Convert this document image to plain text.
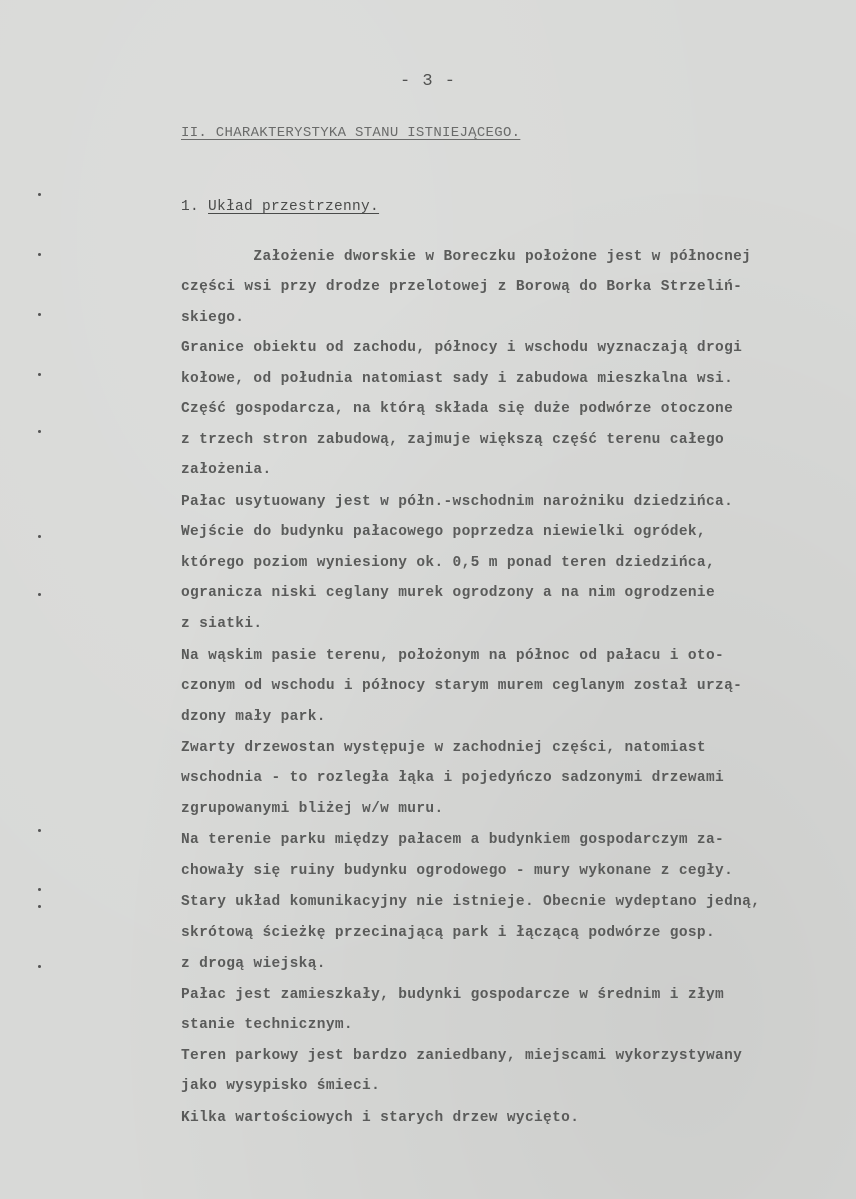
- 3 -
II. CHARAKTERYSTYKA STANU ISTNIEJĄCEGO.
1. Układ przestrzenny.
Założenie dworskie w Boreczku położone jest w północnej
części wsi przy drodze przelotowej z Borową do Borka Strzeliń-
skiego.
Granice obiektu od zachodu, północy i wschodu wyznaczają drogi
kołowe, od południa natomiast sady i zabudowa mieszkalna wsi.
Część gospodarcza, na którą składa się duże podwórze otoczone
z trzech stron zabudową, zajmuje większą część terenu całego
założenia.
Pałac usytuowany jest w półn.-wschodnim narożniku dziedzińca.
Wejście do budynku pałacowego poprzedza niewielki ogródek,
którego poziom wyniesiony ok. 0,5 m ponad teren dziedzińca,
ogranicza niski ceglany murek ogrodzony a na nim ogrodzenie
z siatki.
Na wąskim pasie terenu, położonym na północ od pałacu i oto-
czonym od wschodu i północy starym murem ceglanym został urzą-
dzony mały park.
Zwarty drzewostan występuje w zachodniej części, natomiast
wschodnia - to rozległa łąka i pojedyńczo sadzonymi drzewami
zgrupowanymi bliżej w/w muru.
Na terenie parku między pałacem a budynkiem gospodarczym za-
chowały się ruiny budynku ogrodowego - mury wykonane z cegły.
Stary układ komunikacyjny nie istnieje. Obecnie wydeptano jedną,
skrótową ścieżkę przecinającą park i łączącą podwórze gosp.
z drogą wiejską.
Pałac jest zamieszkały, budynki gospodarcze w średnim i złym
stanie technicznym.
Teren parkowy jest bardzo zaniedbany, miejscami wykorzystywany
jako wysypisko śmieci.
Kilka wartościowych i starych drzew wycięto.
